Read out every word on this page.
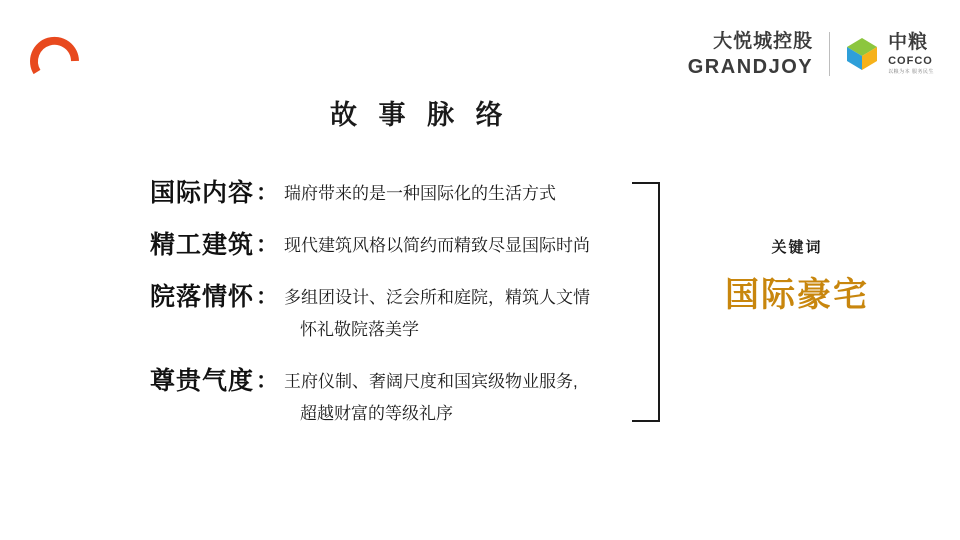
大悦城控股
GRANDJOY
中粮
COFCO
以粮为本 服务民生
故 事 脉 络
国际内容 ： 瑞府带来的是一种国际化的生活方式
精工建筑 ： 现代建筑风格以简约而精致尽显国际时尚
院落情怀 ： 多组团设计、泛会所和庭院，精筑人文情
怀礼敬院落美学
尊贵气度 ： 王府仪制、奢阔尺度和国宾级物业服务,
超越财富的等级礼序
关键词
国际豪宅
